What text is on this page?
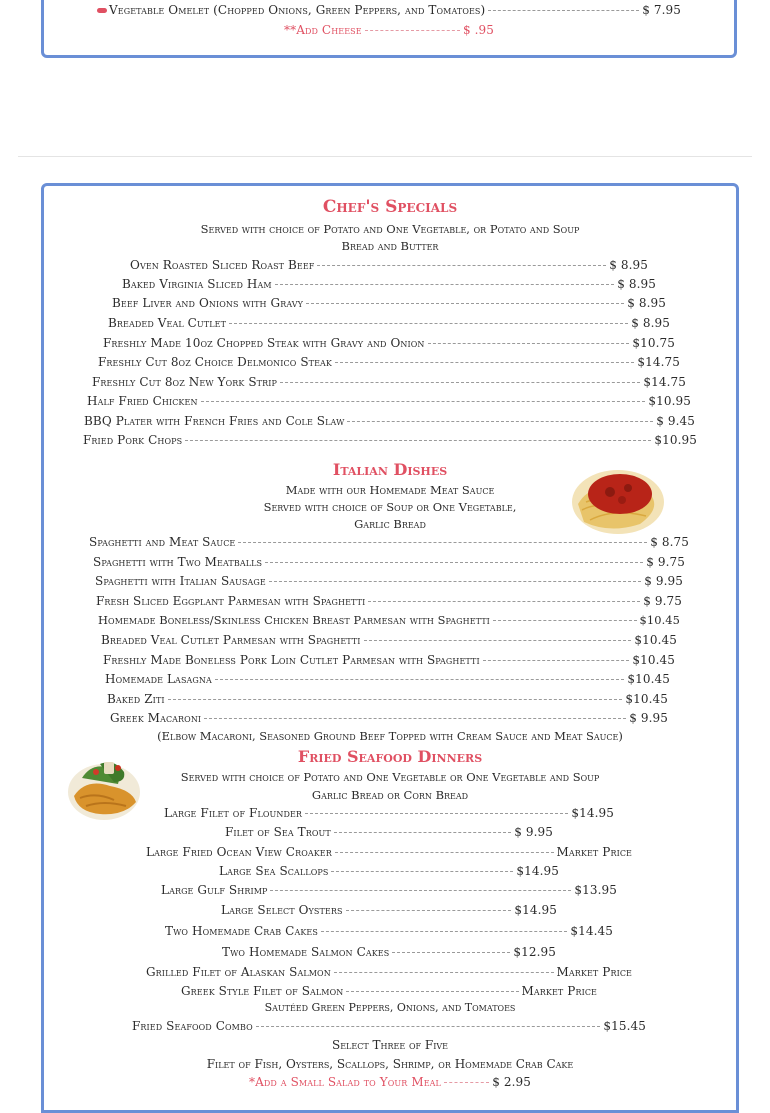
Vegetable Omelet (Chopped Onions, Green Peppers, and Tomatoes)	$ 7.95
**Add Cheese	$ .95
Chef's Specials
Served with choice of Potato and One Vegetable, or Potato and Soup
Bread and Butter
Oven Roasted Sliced Roast Beef	$ 8.95
Baked Virginia Sliced Ham	$ 8.95
Beef Liver and Onions with Gravy	$ 8.95
Breaded Veal Cutlet	$ 8.95
Freshly Made 10oz Chopped Steak with Gravy and Onion	$10.75
Freshly Cut 8oz Choice Delmonico Steak	$14.75
Freshly Cut 8oz New York Strip	$14.75
Half Fried Chicken	$10.95
BBQ Plater with French Fries and Cole Slaw	$ 9.45
Fried Pork Chops	$10.95
Italian Dishes
Made with our Homemade Meat Sauce
Served with choice of Soup or One Vegetable,
Garlic Bread
Spaghetti and Meat Sauce	$ 8.75
Spaghetti with Two Meatballs	$ 9.75
Spaghetti with Italian Sausage	$ 9.95
Fresh Sliced Eggplant Parmesan with Spaghetti	$ 9.75
Homemade Boneless/Skinless Chicken Breast Parmesan with Spaghetti	$10.45
Breaded Veal Cutlet Parmesan with Spaghetti	$10.45
Freshly Made Boneless Pork Loin Cutlet Parmesan with Spaghetti	$10.45
Homemade Lasagna	$10.45
Baked Ziti	$10.45
Greek Macaroni	$ 9.95
(Elbow Macaroni, Seasoned Ground Beef Topped with Cream Sauce and Meat Sauce)
Fried Seafood Dinners
Served with choice of Potato and One Vegetable or One Vegetable and Soup
Garlic Bread or Corn Bread
Large Filet of Flounder	$14.95
Filet of Sea Trout	$ 9.95
Large Fried Ocean View Croaker	Market Price
Large Sea Scallops	$14.95
Large Gulf Shrimp	$13.95
Large Select Oysters	$14.95
Two Homemade Crab Cakes	$14.45
Two Homemade Salmon Cakes	$12.95
Grilled Filet of Alaskan Salmon	Market Price
Greek Style Filet of Salmon	Market Price
Sautéed Green Peppers, Onions, and Tomatoes
Fried Seafood Combo	$15.45
Select Three of Five
Filet of Fish, Oysters, Scallops, Shrimp, or Homemade Crab Cake
*Add a Small Salad to Your Meal	$ 2.95
